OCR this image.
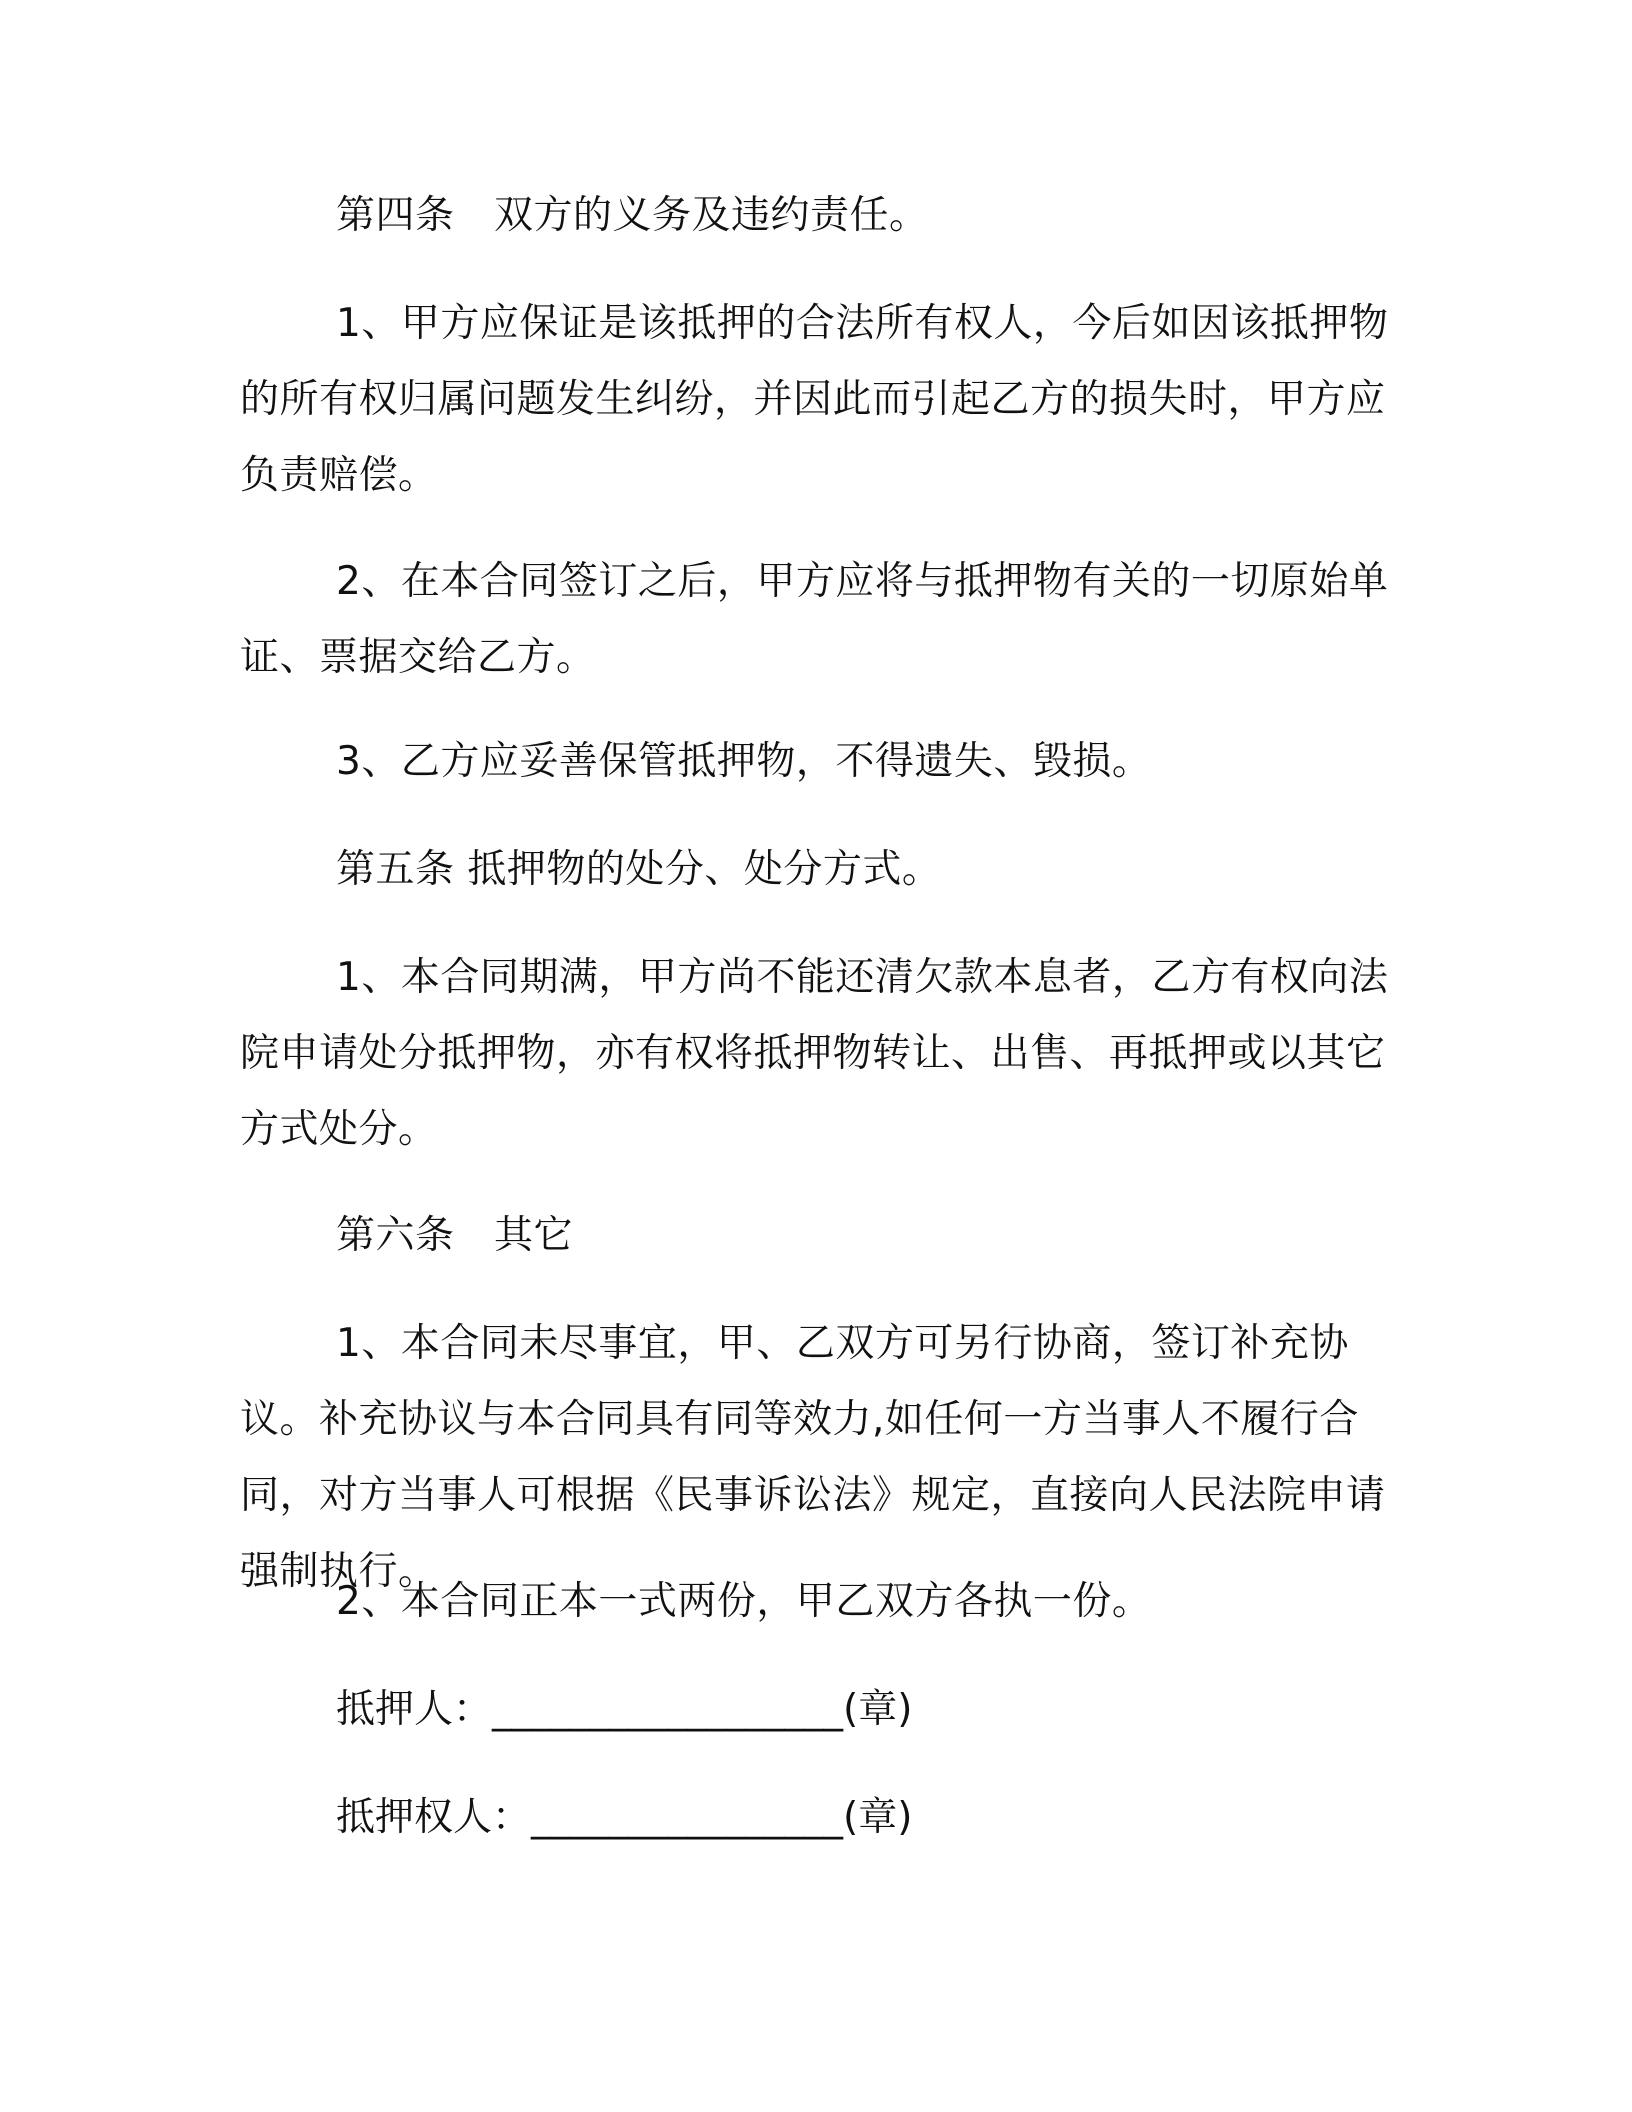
第四条　双方的义务及违约责任。

1、甲方应保证是该抵押的合法所有权人，今后如因该抵押物的所有权归属问题发生纠纷，并因此而引起乙方的损失时，甲方应负责赔偿。

2、在本合同签订之后，甲方应将与抵押物有关的一切原始单证、票据交给乙方。

3、乙方应妥善保管抵押物，不得遗失、毁损。

第五条 抵押物的处分、处分方式。

1、本合同期满，甲方尚不能还清欠款本息者，乙方有权向法院申请处分抵押物，亦有权将抵押物转让、出售、再抵押或以其它方式处分。

第六条　其它

1、本合同未尽事宜，甲、乙双方可另行协商，签订补充协议。补充协议与本合同具有同等效力,如任何一方当事人不履行合同，对方当事人可根据《民事诉讼法》规定，直接向人民法院申请强制执行。

2、本合同正本一式两份，甲乙双方各执一份。

抵押人：__________________(章)

抵押权人：________________(章)
